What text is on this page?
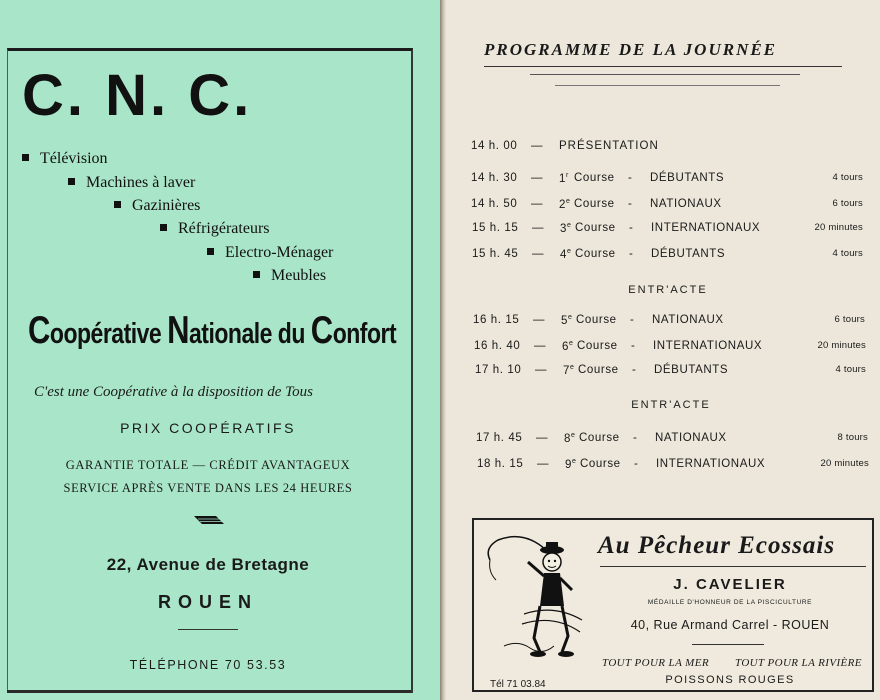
C. N. C.
Télévision
Machines à laver
Gazinières
Réfrigérateurs
Electro-Ménager
Meubles
Coopérative Nationale du Confort
C'est une Coopérative à la disposition de Tous
PRIX COOPÉRATIFS
GARANTIE TOTALE — CRÉDIT AVANTAGEUX
SERVICE APRÈS VENTE DANS LES 24 HEURES
22, Avenue de Bretagne
ROUEN
TÉLÉPHONE 70 53.53
PROGRAMME DE LA JOURNÉE
14 h. 00 — PRÉSENTATION
14 h. 30 — 1$^r$ Course - DÉBUTANTS	4 tours
14 h. 50 — 2e Course - NATIONAUX	6 tours
15 h. 15 — 3e Course - INTERNATIONAUX	20 minutes
15 h. 45 — 4e Course - DÉBUTANTS	4 tours
ENTR'ACTE
16 h. 15 — 5e Course - NATIONAUX	6 tours
16 h. 40 — 6e Course - INTERNATIONAUX	20 minutes
17 h. 10 — 7e Course - DÉBUTANTS	4 tours
ENTR'ACTE
17 h. 45 — 8e Course - NATIONAUX	8 tours
18 h. 15 — 9e Course - INTERNATIONAUX	20 minutes
Au Pêcheur Ecossais
J. CAVELIER
MÉDAILLE D'HONNEUR DE LA PISCICULTURE
40, Rue Armand Carrel - ROUEN
TOUT POUR LA MER TOUT POUR LA RIVIÈRE
POISSONS ROUGES
Tél 71 03.84
